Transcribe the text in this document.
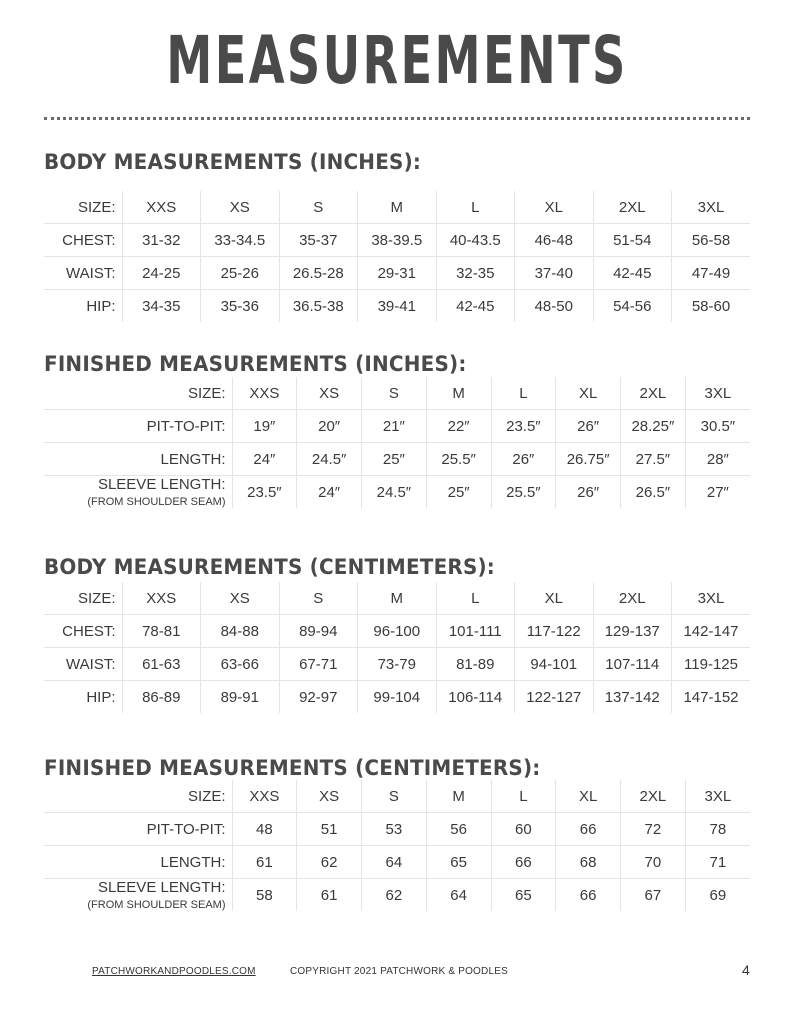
MEASUREMENTS
BODY MEASUREMENTS (INCHES):
SIZE:	XXS	XS	S	M	L	XL	2XL	3XL
CHEST:	31-32	33-34.5	35-37	38-39.5	40-43.5	46-48	51-54	56-58
WAIST:	24-25	25-26	26.5-28	29-31	32-35	37-40	42-45	47-49
HIP:	34-35	35-36	36.5-38	39-41	42-45	48-50	54-56	58-60
FINISHED MEASUREMENTS (INCHES):
SIZE:	XXS	XS	S	M	L	XL	2XL	3XL
PIT-TO-PIT:	19″	20″	21″	22″	23.5″	26″	28.25″	30.5″
LENGTH:	24″	24.5″	25″	25.5″	26″	26.75″	27.5″	28″
SLEEVE LENGTH:
(FROM SHOULDER SEAM)	23.5″	24″	24.5″	25″	25.5″	26″	26.5″	27″
BODY MEASUREMENTS (CENTIMETERS):
SIZE:	XXS	XS	S	M	L	XL	2XL	3XL
CHEST:	78-81	84-88	89-94	96-100	101-111	117-122	129-137	142-147
WAIST:	61-63	63-66	67-71	73-79	81-89	94-101	107-114	119-125
HIP:	86-89	89-91	92-97	99-104	106-114	122-127	137-142	147-152
FINISHED MEASUREMENTS (CENTIMETERS):
SIZE:	XXS	XS	S	M	L	XL	2XL	3XL
PIT-TO-PIT:	48	51	53	56	60	66	72	78
LENGTH:	61	62	64	65	66	68	70	71
SLEEVE LENGTH:
(FROM SHOULDER SEAM)	58	61	62	64	65	66	67	69
PATCHWORKANDPOODLES.COM	COPYRIGHT 2021 PATCHWORK & POODLES	4
